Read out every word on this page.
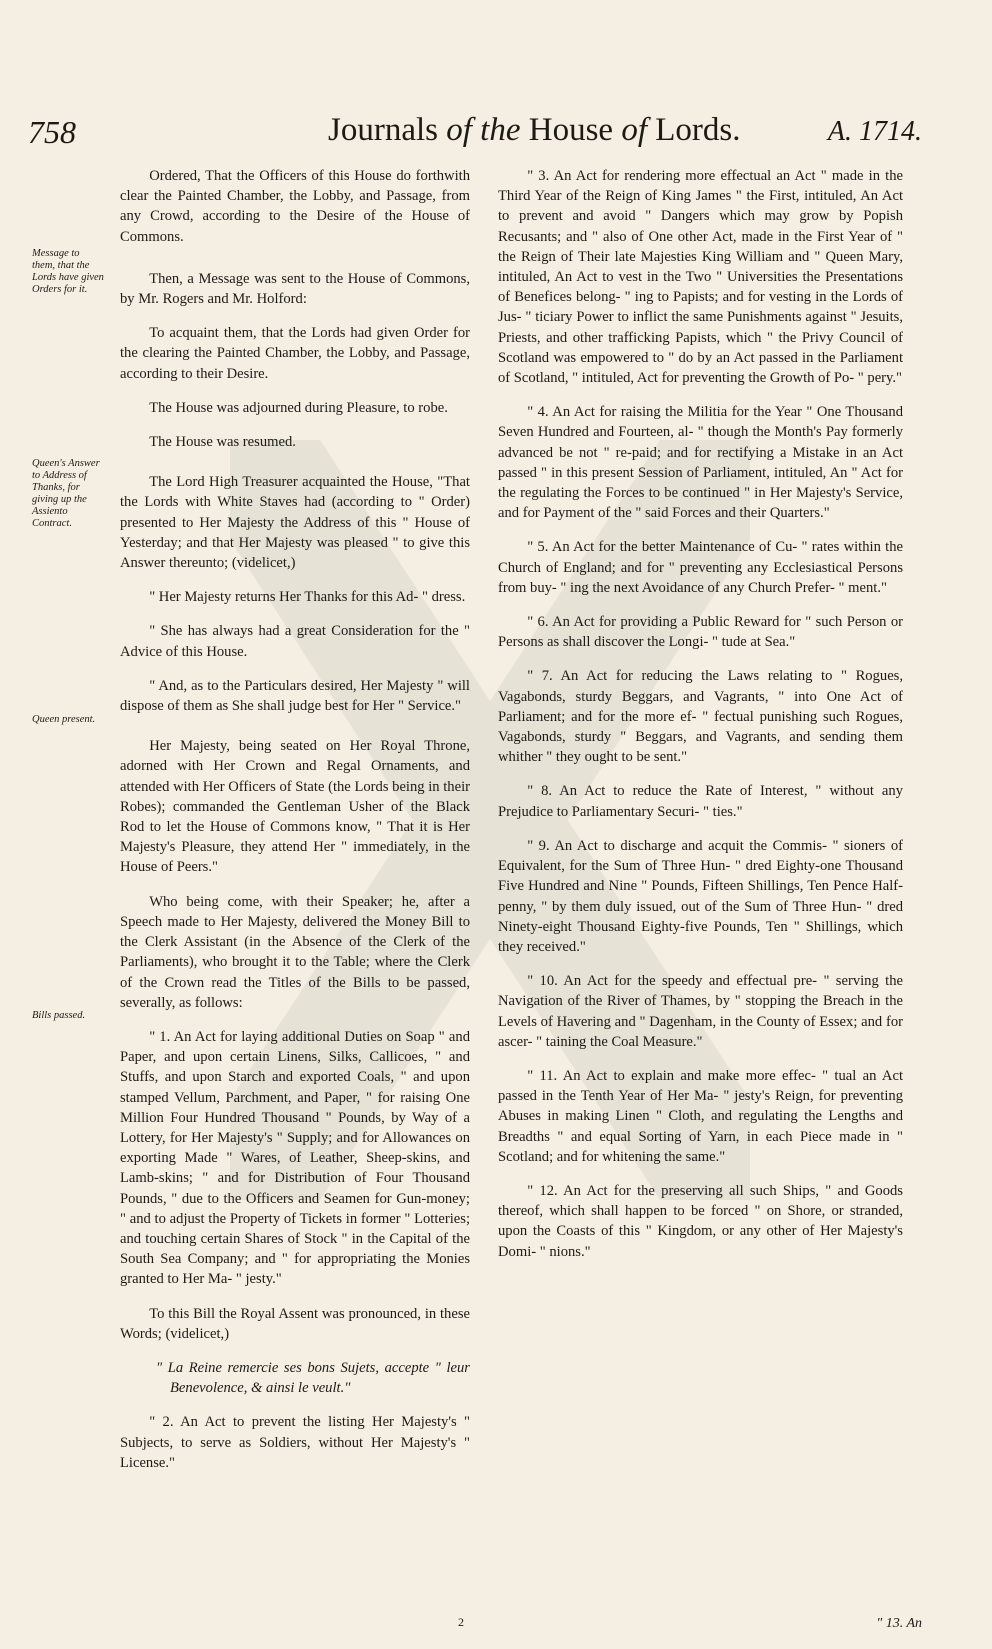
758	Journals of the House of Lords.	A. 1714.
Message to them, that the Lords have given Orders for it.
Queen's Answer to Address of Thanks, for giving up the Assiento Contract.
Queen present.
Bills passed.

Ordered, That the Officers of this House do forthwith clear the Painted Chamber, the Lobby, and Passage, from any Crowd, according to the Desire of the House of Commons.

Then, a Message was sent to the House of Commons, by Mr. Rogers and Mr. Holford:

To acquaint them, that the Lords had given Order for the clearing the Painted Chamber, the Lobby, and Passage, according to their Desire.

The House was adjourned during Pleasure, to robe.

The House was resumed.

The Lord High Treasurer acquainted the House, "That the Lords with White Staves had (according to " Order) presented to Her Majesty the Address of this " House of Yesterday; and that Her Majesty was pleased " to give this Answer thereunto; (videlicet,)

" Her Majesty returns Her Thanks for this Ad- " dress.

" She has always had a great Consideration for the " Advice of this House.

" And, as to the Particulars desired, Her Majesty " will dispose of them as She shall judge best for Her " Service."

Her Majesty, being seated on Her Royal Throne, adorned with Her Crown and Regal Ornaments, and attended with Her Officers of State (the Lords being in their Robes); commanded the Gentleman Usher of the Black Rod to let the House of Commons know, " That it is Her Majesty's Pleasure, they attend Her " immediately, in the House of Peers."

Who being come, with their Speaker; he, after a Speech made to Her Majesty, delivered the Money Bill to the Clerk Assistant (in the Absence of the Clerk of the Parliaments), who brought it to the Table; where the Clerk of the Crown read the Titles of the Bills to be passed, severally, as follows:

" 1. An Act for laying additional Duties on Soap " and Paper, and upon certain Linens, Silks, Callicoes, " and Stuffs, and upon Starch and exported Coals, " and upon stamped Vellum, Parchment, and Paper, " for raising One Million Four Hundred Thousand " Pounds, by Way of a Lottery, for Her Majesty's " Supply; and for Allowances on exporting Made " Wares, of Leather, Sheep-skins, and Lamb-skins; " and for Distribution of Four Thousand Pounds, " due to the Officers and Seamen for Gun-money; " and to adjust the Property of Tickets in former " Lotteries; and touching certain Shares of Stock " in the Capital of the South Sea Company; and " for appropriating the Monies granted to Her Ma- " jesty."

To this Bill the Royal Assent was pronounced, in these Words; (videlicet,)

" La Reine remercie ses bons Sujets, accepte " leur Benevolence, & ainsi le veult."

" 2. An Act to prevent the listing Her Majesty's " Subjects, to serve as Soldiers, without Her Majesty's " License."

" 3. An Act for rendering more effectual an Act " made in the Third Year of the Reign of King James " the First, intituled, An Act to prevent and avoid " Dangers which may grow by Popish Recusants; and " also of One other Act, made in the First Year of " the Reign of Their late Majesties King William and " Queen Mary, intituled, An Act to vest in the Two " Universities the Presentations of Benefices belong- " ing to Papists; and for vesting in the Lords of Jus- " ticiary Power to inflict the same Punishments against " Jesuits, Priests, and other trafficking Papists, which " the Privy Council of Scotland was empowered to " do by an Act passed in the Parliament of Scotland, " intituled, Act for preventing the Growth of Po- " pery."

" 4. An Act for raising the Militia for the Year " One Thousand Seven Hundred and Fourteen, al- " though the Month's Pay formerly advanced be not " re-paid; and for rectifying a Mistake in an Act passed " in this present Session of Parliament, intituled, An " Act for the regulating the Forces to be continued " in Her Majesty's Service, and for Payment of the " said Forces and their Quarters."

" 5. An Act for the better Maintenance of Cu- " rates within the Church of England; and for " preventing any Ecclesiastical Persons from buy- " ing the next Avoidance of any Church Prefer- " ment."

" 6. An Act for providing a Public Reward for " such Person or Persons as shall discover the Longi- " tude at Sea."

" 7. An Act for reducing the Laws relating to " Rogues, Vagabonds, sturdy Beggars, and Vagrants, " into One Act of Parliament; and for the more ef- " fectual punishing such Rogues, Vagabonds, sturdy " Beggars, and Vagrants, and sending them whither " they ought to be sent."

" 8. An Act to reduce the Rate of Interest, " without any Prejudice to Parliamentary Securi- " ties."

" 9. An Act to discharge and acquit the Commis- " sioners of Equivalent, for the Sum of Three Hun- " dred Eighty-one Thousand Five Hundred and Nine " Pounds, Fifteen Shillings, Ten Pence Half-penny, " by them duly issued, out of the Sum of Three Hun- " dred Ninety-eight Thousand Eighty-five Pounds, Ten " Shillings, which they received."

" 10. An Act for the speedy and effectual pre- " serving the Navigation of the River of Thames, by " stopping the Breach in the Levels of Havering and " Dagenham, in the County of Essex; and for ascer- " taining the Coal Measure."

" 11. An Act to explain and make more effec- " tual an Act passed in the Tenth Year of Her Ma- " jesty's Reign, for preventing Abuses in making Linen " Cloth, and regulating the Lengths and Breadths " and equal Sorting of Yarn, in each Piece made in " Scotland; and for whitening the same."

" 12. An Act for the preserving all such Ships, " and Goods thereof, which shall happen to be forced " on Shore, or stranded, upon the Coasts of this " Kingdom, or any other of Her Majesty's Domi- " nions."

2	" 13. An
